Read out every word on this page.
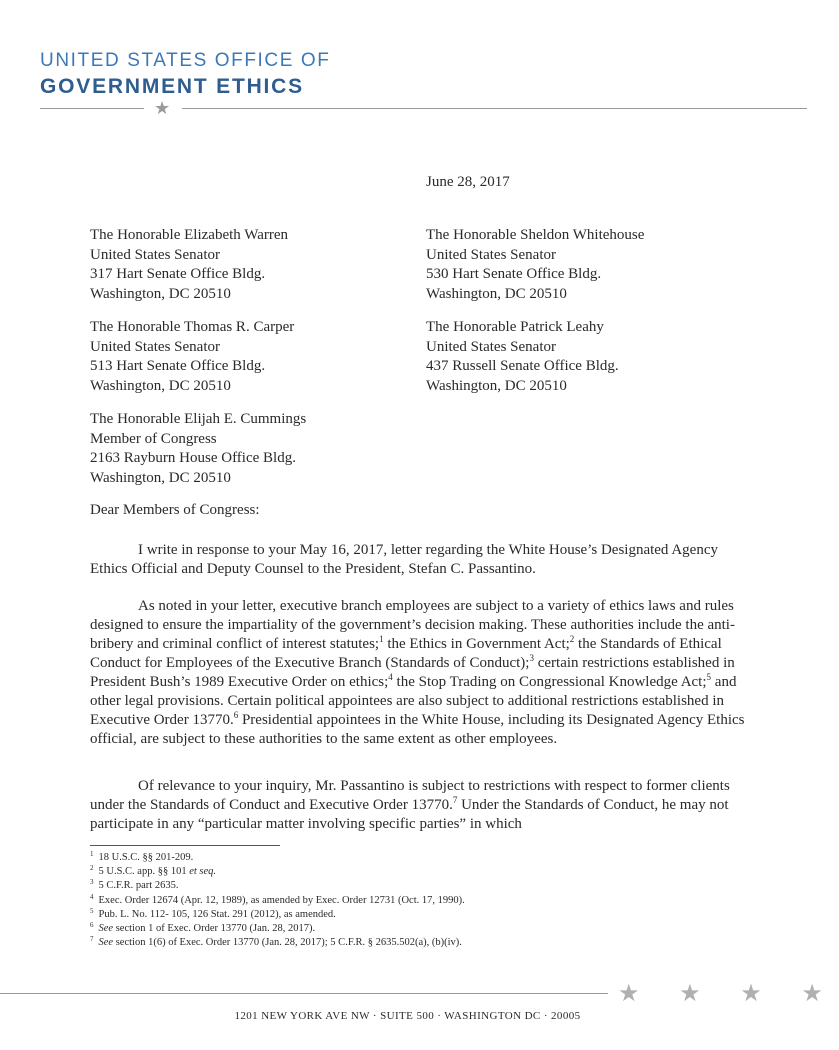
UNITED STATES OFFICE OF
GOVERNMENT ETHICS
★
June 28, 2017
The Honorable Elizabeth Warren
United States Senator
317 Hart Senate Office Bldg.
Washington, DC 20510
The Honorable Thomas R. Carper
United States Senator
513 Hart Senate Office Bldg.
Washington, DC 20510
The Honorable Elijah E. Cummings
Member of Congress
2163 Rayburn House Office Bldg.
Washington, DC 20510
The Honorable Sheldon Whitehouse
United States Senator
530 Hart Senate Office Bldg.
Washington, DC 20510
The Honorable Patrick Leahy
United States Senator
437 Russell Senate Office Bldg.
Washington, DC 20510
Dear Members of Congress:

I write in response to your May 16, 2017, letter regarding the White House’s Designated Agency Ethics Official and Deputy Counsel to the President, Stefan C. Passantino.

As noted in your letter, executive branch employees are subject to a variety of ethics laws and rules designed to ensure the impartiality of the government’s decision making. These authorities include the anti-bribery and criminal conflict of interest statutes;$^1$ the Ethics in Government Act;$^2$ the Standards of Ethical Conduct for Employees of the Executive Branch (Standards of Conduct);$^3$ certain restrictions established in President Bush’s 1989 Executive Order on ethics;$^4$ the Stop Trading on Congressional Knowledge Act;$^5$ and other legal provisions. Certain political appointees are also subject to additional restrictions established in Executive Order 13770.$^6$ Presidential appointees in the White House, including its Designated Agency Ethics official, are subject to these authorities to the same extent as other employees.

Of relevance to your inquiry, Mr. Passantino is subject to restrictions with respect to former clients under the Standards of Conduct and Executive Order 13770.$^7$ Under the Standards of Conduct, he may not participate in any “particular matter involving specific parties” in which

$^1$ 18 U.S.C. §§ 201-209.
$^2$ 5 U.S.C. app. §§ 101 et seq.
$^3$ 5 C.F.R. part 2635.
$^4$ Exec. Order 12674 (Apr. 12, 1989), as amended by Exec. Order 12731 (Oct. 17, 1990).
$^5$ Pub. L. No. 112- 105, 126 Stat. 291 (2012), as amended.
$^6$ See section 1 of Exec. Order 13770 (Jan. 28, 2017).
$^7$ See section 1(6) of Exec. Order 13770 (Jan. 28, 2017); 5 C.F.R. § 2635.502(a), (b)(iv).
★ ★ ★ ★
1201 NEW YORK AVE NW · SUITE 500 · WASHINGTON DC · 20005
